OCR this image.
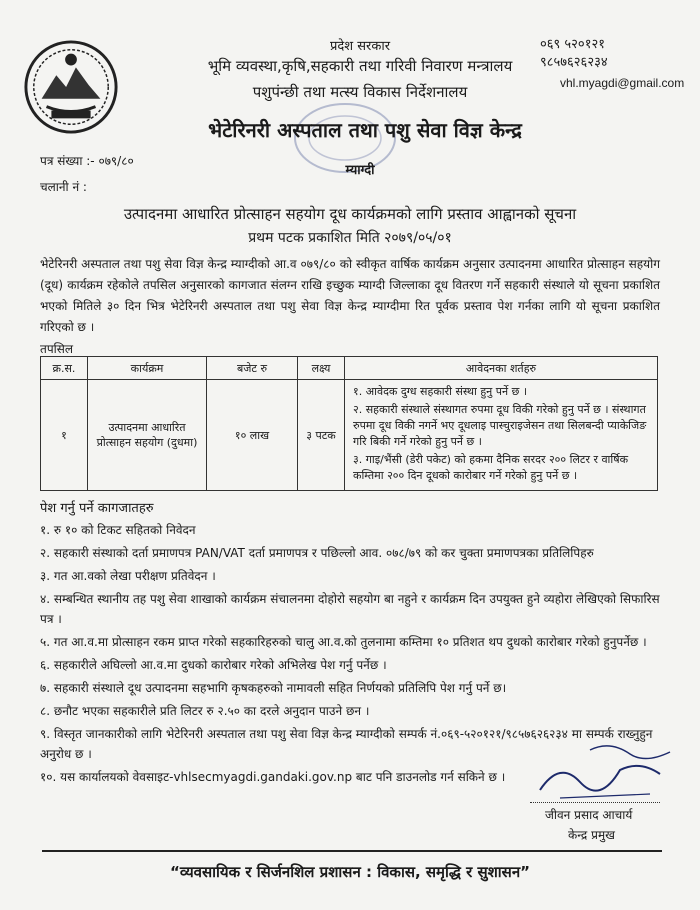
प्रदेश सरकार
भूमि व्यवस्था,कृषि,सहकारी तथा गरिवी निवारण मन्त्रालय
पशुपंन्छी तथा मत्स्य विकास निर्देशनालय
भेटेरिनरी अस्पताल तथा पशु सेवा विज्ञ केन्द्र
म्याग्दी
०६९ ५२०१२१
९८५७६२६२३४
vhl.myagdi@gmail.com
पत्र संख्या :- ०७९/८०
चलानी नं :
उत्पादनमा आधारित प्रोत्साहन सहयोग दूध कार्यक्रमको लागि प्रस्ताव आह्वानको सूचना
प्रथम पटक प्रकाशित मिति २०७९/०५/०१
भेटेरिनरी अस्पताल तथा पशु सेवा विज्ञ केन्द्र म्याग्दीको आ.व ०७९/८० को स्वीकृत वार्षिक कार्यक्रम अनुसार उत्पादनमा आधारित प्रोत्साहन सहयोग (दूध) कार्यक्रम रहेकोले तपसिल अनुसारको कागजात संलग्न राखि इच्छुक म्याग्दी जिल्लाका दूध वितरण गर्ने सहकारी संस्थाले यो सूचना प्रकाशित भएको मितिले ३० दिन भित्र भेटेरिनरी अस्पताल तथा पशु सेवा विज्ञ केन्द्र म्याग्दीमा रित पूर्वक प्रस्ताव पेश गर्नका लागि यो सूचना प्रकाशित गरिएको छ ।
तपसिल
क्र.स.	कार्यक्रम	बजेट रु	लक्ष्य	आवेदनका शर्तहरु
१	उत्पादनमा आधारित प्रोत्साहन सहयोग (दुधमा)	१० लाख	३ पटक	१. आवेदक दुग्ध सहकारी संस्था हुनु पर्ने छ ।
२. सहकारी संस्थाले संस्थागत रुपमा दूध विकी गरेको हुनु पर्ने छ । संस्थागत रुपमा दूध विकी नगर्ने भए दूधलाइ पास्चुराइजेसन तथा सिलबन्दी प्याकेजिङ गरि बिकी गर्ने गरेको हुनु पर्ने छ ।
३. गाइ/भैंसी (डेरी पकेट) को हकमा दैनिक सरदर २०० लिटर र वार्षिक कम्तिमा २०० दिन दूधको कारोबार गर्ने गरेको हुनु पर्ने छ ।
पेश गर्नु पर्ने कागजातहरु
१. रु १० को टिकट सहितको निवेदन
२. सहकारी संस्थाको दर्ता प्रमाणपत्र PAN/VAT दर्ता प्रमाणपत्र र पछिल्लो आव. ०७८/७९ को कर चुक्ता प्रमाणपत्रका प्रतिलिपिहरु
३. गत आ.वको लेखा परीक्षण प्रतिवेदन ।
४. सम्बन्धित स्थानीय तह पशु सेवा शाखाको कार्यक्रम संचालनमा दोहोरो सहयोग बा नहुने र कार्यक्रम दिन उपयुक्त हुने व्यहोरा लेखिएको सिफारिस पत्र ।
५. गत आ.व.मा प्रोत्साहन रकम प्राप्त गरेको सहकारिहरुको चालु आ.व.को तुलनामा कम्तिमा १० प्रतिशत थप दुधको कारोबार गरेको हुनुपर्नेछ ।
६. सहकारीले अघिल्लो आ.व.मा दुधको कारोबार गरेको अभिलेख पेश गर्नु पर्नेछ ।
७. सहकारी संस्थाले दूध उत्पादनमा सहभागि कृषकहरुको नामावली सहित निर्णयको प्रतिलिपि पेश गर्नु पर्ने छ।
८. छनौट भएका सहकारीले प्रति लिटर रु २.५० का दरले अनुदान पाउने छन ।
९. विस्तृत जानकारीको लागि भेटेरिनरी अस्पताल तथा पशु सेवा विज्ञ केन्द्र म्याग्दीको सम्पर्क नं.०६९-५२०१२१/९८५७६२६२३४ मा सम्पर्क राख्नुहुन अनुरोध छ ।
१०. यस कार्यालयको वेवसाइट-vhlsecmyagdi.gandaki.gov.np बाट पनि डाउनलोड गर्न सकिने छ ।
जीवन प्रसाद आचार्य
केन्द्र प्रमुख
“व्यवसायिक र सिर्जनशिल प्रशासन : विकास, समृद्धि र सुशासन”
